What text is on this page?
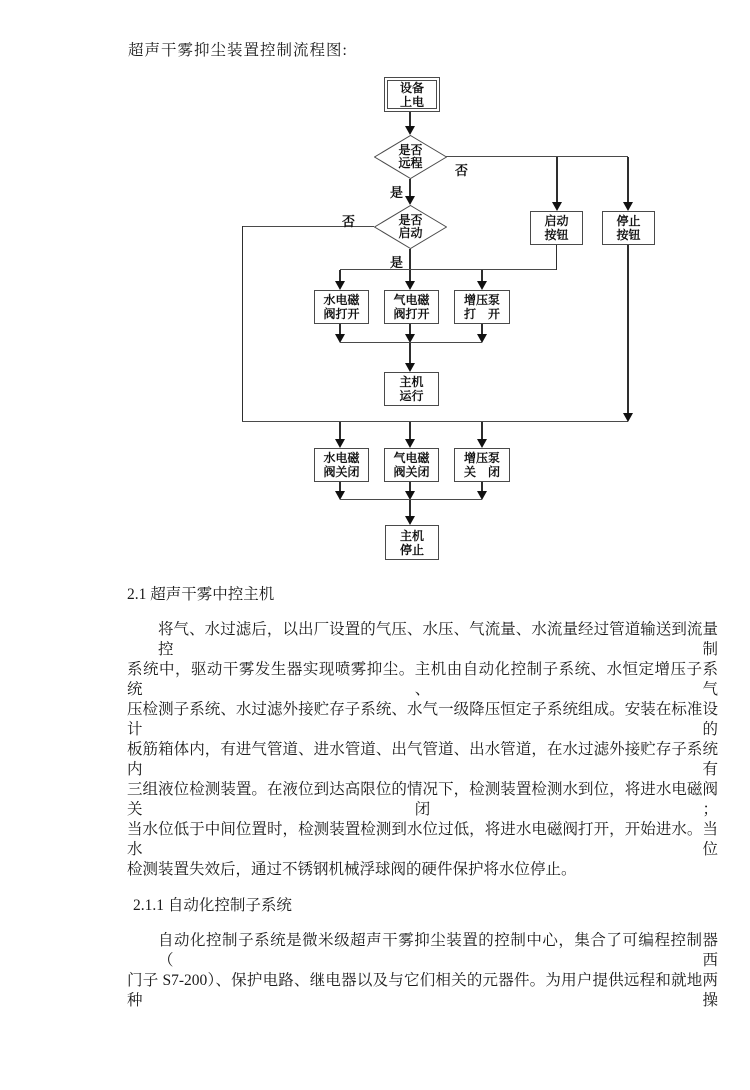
超声干雾抑尘装置控制流程图:
设备
上电
是否
远程
是否
启动
否
是
否
是
启动
按钮
停止
按钮
水电磁
阀打开
气电磁
阀打开
增压泵
打　开
主机
运行
水电磁
阀关闭
气电磁
阀关闭
增压泵
关　闭
主机
停止
2.1 超声干雾中控主机
将气、水过滤后，以出厂设置的气压、水压、气流量、水流量经过管道输送到流量控制
系统中，驱动干雾发生器实现喷雾抑尘。主机由自动化控制子系统、水恒定增压子系统、气
压检测子系统、水过滤外接贮存子系统、水气一级降压恒定子系统组成。安装在标准设计的
板筋箱体内，有进气管道、进水管道、出气管道、出水管道，在水过滤外接贮存子系统内有
三组液位检测装置。在液位到达高限位的情况下，检测装置检测水到位，将进水电磁阀关闭；
当水位低于中间位置时，检测装置检测到水位过低，将进水电磁阀打开，开始进水。当水位
检测装置失效后，通过不锈钢机械浮球阀的硬件保护将水位停止。
2.1.1 自动化控制子系统
自动化控制子系统是微米级超声干雾抑尘装置的控制中心，集合了可编程控制器（西
门子 S7-200）、保护电路、继电器以及与它们相关的元器件。为用户提供远程和就地两种操
